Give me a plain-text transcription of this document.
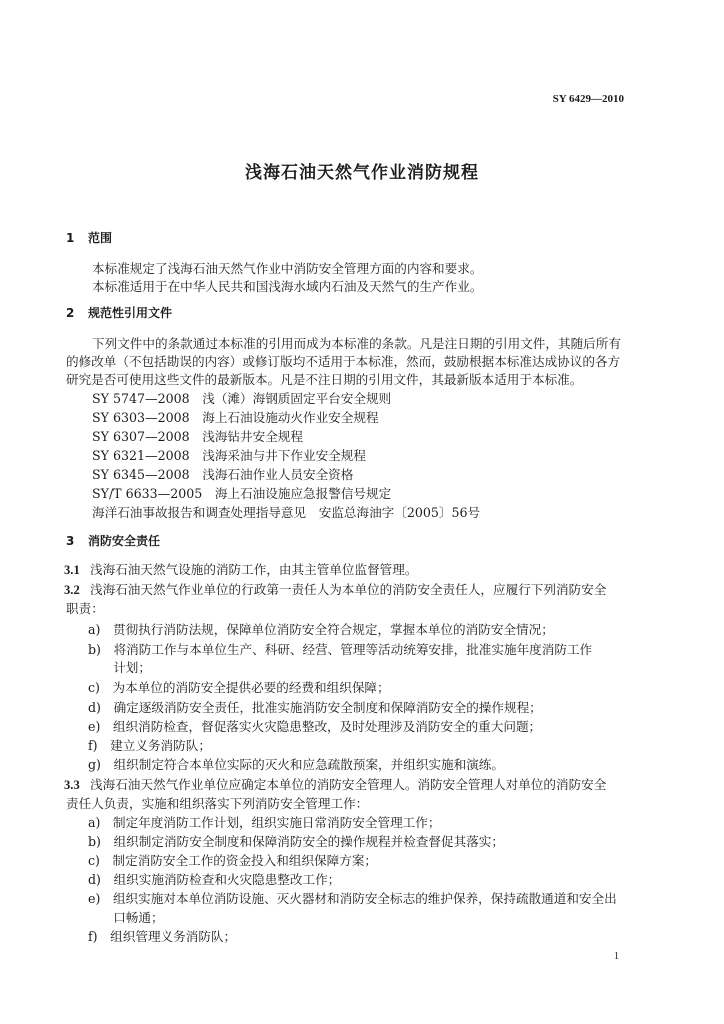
SY 6429—2010
浅海石油天然气作业消防规程
1 范围
本标准规定了浅海石油天然气作业中消防安全管理方面的内容和要求。
本标准适用于在中华人民共和国浅海水域内石油及天然气的生产作业。
2 规范性引用文件
下列文件中的条款通过本标准的引用而成为本标准的条款。凡是注日期的引用文件，其随后所有
的修改单（不包括勘误的内容）或修订版均不适用于本标准，然而，鼓励根据本标准达成协议的各方
研究是否可使用这些文件的最新版本。凡是不注日期的引用文件，其最新版本适用于本标准。
SY 5747—2008　浅（滩）海钢质固定平台安全规则
SY 6303—2008　海上石油设施动火作业安全规程
SY 6307—2008　浅海钻井安全规程
SY 6321—2008　浅海采油与井下作业安全规程
SY 6345—2008　浅海石油作业人员安全资格
SY/T 6633—2005　海上石油设施应急报警信号规定
海洋石油事故报告和调查处理指导意见　安监总海油字〔2005〕56号
3 消防安全责任
3.1 浅海石油天然气设施的消防工作，由其主管单位监督管理。
3.2 浅海石油天然气作业单位的行政第一责任人为本单位的消防安全责任人，应履行下列消防安全
职责：
a)　贯彻执行消防法规，保障单位消防安全符合规定，掌握本单位的消防安全情况；
b)　将消防工作与本单位生产、科研、经营、管理等活动统筹安排，批准实施年度消防工作
　　计划；
c)　为本单位的消防安全提供必要的经费和组织保障；
d)　确定逐级消防安全责任，批准实施消防安全制度和保障消防安全的操作规程；
e)　组织消防检查，督促落实火灾隐患整改，及时处理涉及消防安全的重大问题；
f)　建立义务消防队；
g)　组织制定符合本单位实际的灭火和应急疏散预案，并组织实施和演练。
3.3 浅海石油天然气作业单位应确定本单位的消防安全管理人。消防安全管理人对单位的消防安全
责任人负责，实施和组织落实下列消防安全管理工作：
a)　制定年度消防工作计划，组织实施日常消防安全管理工作；
b)　组织制定消防安全制度和保障消防安全的操作规程并检查督促其落实；
c)　制定消防安全工作的资金投入和组织保障方案；
d)　组织实施消防检查和火灾隐患整改工作；
e)　组织实施对本单位消防设施、灭火器材和消防安全标志的维护保养，保持疏散通道和安全出
　　口畅通；
f)　组织管理义务消防队；
1
